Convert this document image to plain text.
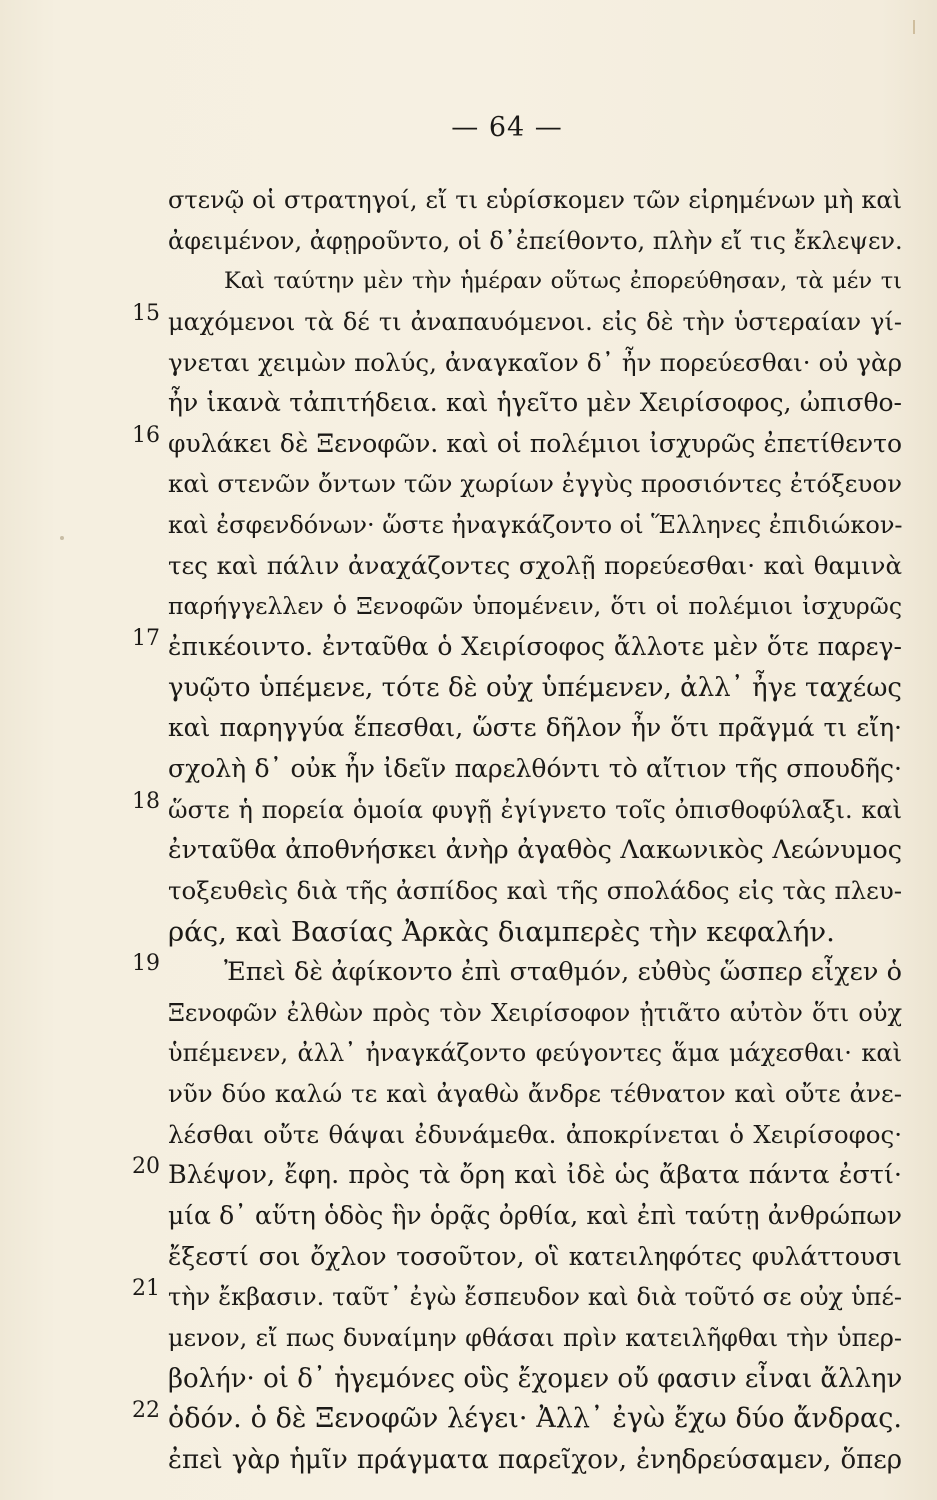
— 64 —
στενῷ οἱ στρατηγοί, εἴ τι εὑρίσκομεν τῶν εἰρημένων μὴ καὶ
ἀφειμένον, ἀφῃροῦντο, οἱ δ᾽ἐπείθοντο, πλὴν εἴ τις ἔκλεψεν.
Καὶ ταύτην μὲν τὴν ἡμέραν οὕτως ἐπορεύθησαν, τὰ μέν τι
15 μαχόμενοι τὰ δέ τι ἀναπαυόμενοι. εἰς δὲ τὴν ὑστεραίαν γί-
γνεται χειμὼν πολύς, ἀναγκαῖον δ᾽ ἦν πορεύεσθαι· οὐ γὰρ
ἦν ἱκανὰ τἀπιτήδεια. καὶ ἡγεῖτο μὲν Χειρίσοφος, ὠπισθο-
16 φυλάκει δὲ Ξενοφῶν. καὶ οἱ πολέμιοι ἰσχυρῶς ἐπετίθεντο
καὶ στενῶν ὄντων τῶν χωρίων ἐγγὺς προσιόντες ἐτόξευον
καὶ ἐσφενδόνων· ὥστε ἠναγκάζοντο οἱ Ἕλληνες ἐπιδιώκον-
τες καὶ πάλιν ἀναχάζοντες σχολῇ πορεύεσθαι· καὶ θαμινὰ
παρήγγελλεν ὁ Ξενοφῶν ὑπομένειν, ὅτι οἱ πολέμιοι ἰσχυρῶς
17 ἐπικέοιντο. ἐνταῦθα ὁ Χειρίσοφος ἄλλοτε μὲν ὅτε παρεγ-
γυῷτο ὑπέμενε, τότε δὲ οὐχ ὑπέμενεν, ἀλλ᾽ ἦγε ταχέως
καὶ παρηγγύα ἕπεσθαι, ὥστε δῆλον ἦν ὅτι πρᾶγμά τι εἴη·
σχολὴ δ᾽ οὐκ ἦν ἰδεῖν παρελθόντι τὸ αἴτιον τῆς σπουδῆς·
18 ὥστε ἡ πορεία ὁμοία φυγῇ ἐγίγνετο τοῖς ὀπισθοφύλαξι. καὶ
ἐνταῦθα ἀποθνήσκει ἀνὴρ ἀγαθὸς Λακωνικὸς Λεώνυμος
τοξευθεὶς διὰ τῆς ἀσπίδος καὶ τῆς σπολάδος εἰς τὰς πλευ-
ράς, καὶ Βασίας Ἀρκὰς διαμπερὲς τὴν κεφαλήν.
19	Ἐπεὶ δὲ ἀφίκοντο ἐπὶ σταθμόν, εὐθὺς ὥσπερ εἶχεν ὁ
Ξενοφῶν ἐλθὼν πρὸς τὸν Χειρίσοφον ᾐτιᾶτο αὐτὸν ὅτι οὐχ
ὑπέμενεν, ἀλλ᾽ ἠναγκάζοντο φεύγοντες ἅμα μάχεσθαι· καὶ
νῦν δύο καλώ τε καὶ ἀγαθὼ ἄνδρε τέθνατον καὶ οὔτε ἀνε-
λέσθαι οὔτε θάψαι ἐδυνάμεθα. ἀποκρίνεται ὁ Χειρίσοφος·
20 Βλέψον, ἔφη. πρὸς τὰ ὄρη καὶ ἰδὲ ὡς ἄβατα πάντα ἐστί·
μία δ᾽ αὕτη ὁδὸς ἣν ὁρᾷς ὀρθία, καὶ ἐπὶ ταύτῃ ἀνθρώπων
ἔξεστί σοι ὄχλον τοσοῦτον, οἳ κατειληφότες φυλάττουσι
21 τὴν ἔκβασιν. ταῦτ᾽ ἐγὼ ἔσπευδον καὶ διὰ τοῦτό σε οὐχ ὑπέ-
μενον, εἴ πως δυναίμην φθάσαι πρὶν κατειλῆφθαι τὴν ὑπερ-
βολήν· οἱ δ᾽ ἡγεμόνες οὓς ἔχομεν οὔ φασιν εἶναι ἄλλην
22 ὁδόν. ὁ δὲ Ξενοφῶν λέγει· Ἀλλ᾽ ἐγὼ ἔχω δύο ἄνδρας.
ἐπεὶ γὰρ ἡμῖν πράγματα παρεῖχον, ἐνηδρεύσαμεν, ὅπερ
